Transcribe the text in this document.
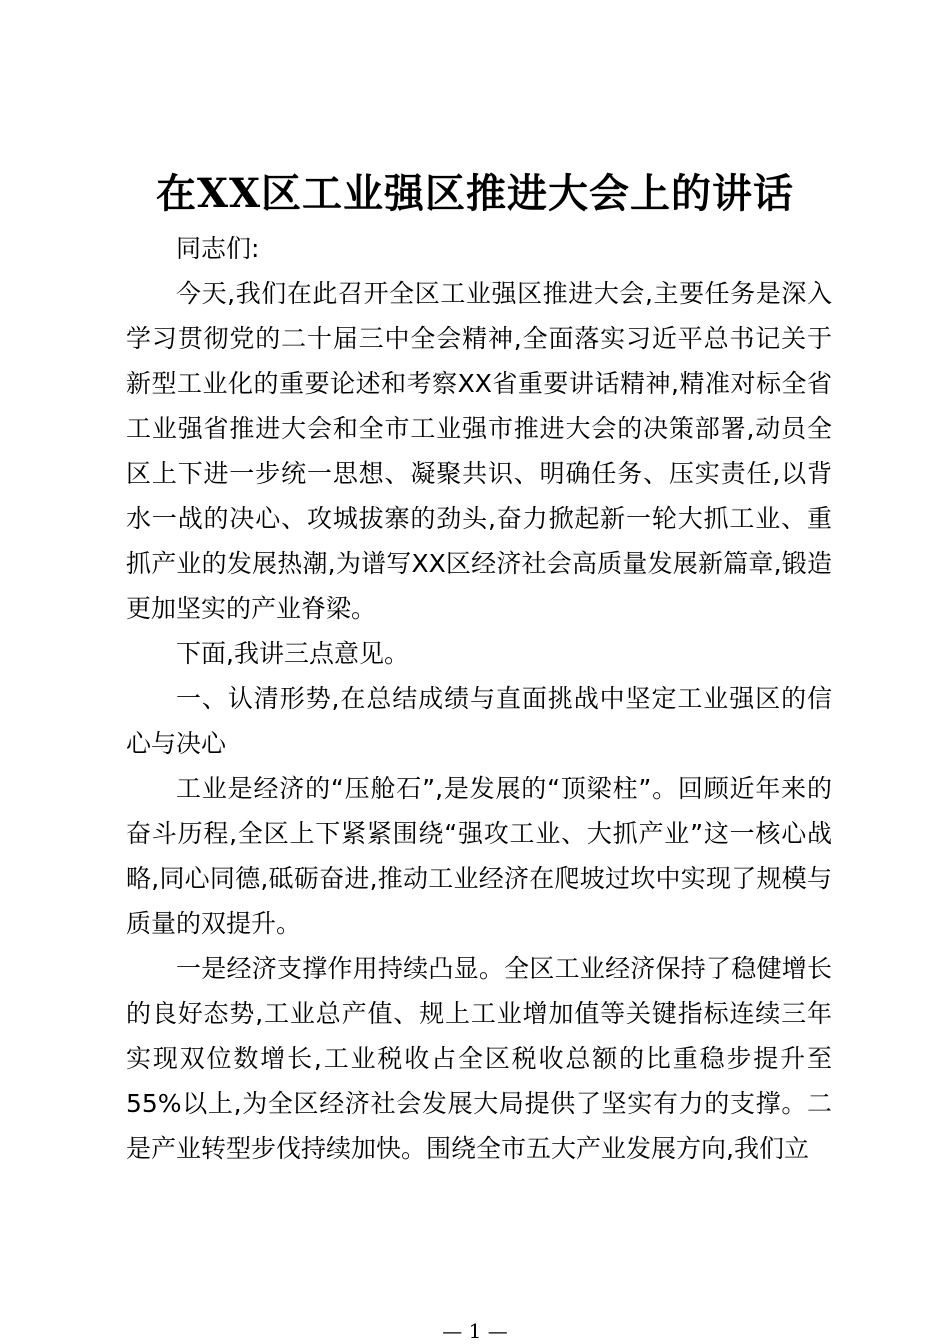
在XX区工业强区推进大会上的讲话

同志们:

今天,我们在此召开全区工业强区推进大会,主要任务是深入学习贯彻党的二十届三中全会精神,全面落实习近平总书记关于新型工业化的重要论述和考察XX省重要讲话精神,精准对标全省工业强省推进大会和全市工业强市推进大会的决策部署,动员全区上下进一步统一思想、凝聚共识、明确任务、压实责任,以背水一战的决心、攻城拔寨的劲头,奋力掀起新一轮大抓工业、重抓产业的发展热潮,为谱写XX区经济社会高质量发展新篇章,锻造更加坚实的产业脊梁。

下面,我讲三点意见。

一、认清形势,在总结成绩与直面挑战中坚定工业强区的信心与决心

工业是经济的“压舱石”,是发展的“顶梁柱”。回顾近年来的奋斗历程,全区上下紧紧围绕“强攻工业、大抓产业”这一核心战略,同心同德,砥砺奋进,推动工业经济在爬坡过坎中实现了规模与质量的双提升。

一是经济支撑作用持续凸显。全区工业经济保持了稳健增长的良好态势,工业总产值、规上工业增加值等关键指标连续三年实现双位数增长,工业税收占全区税收总额的比重稳步提升至55%以上,为全区经济社会发展大局提供了坚实有力的支撑。二是产业转型步伐持续加快。围绕全市五大产业发展方向,我们立

— 1 —
